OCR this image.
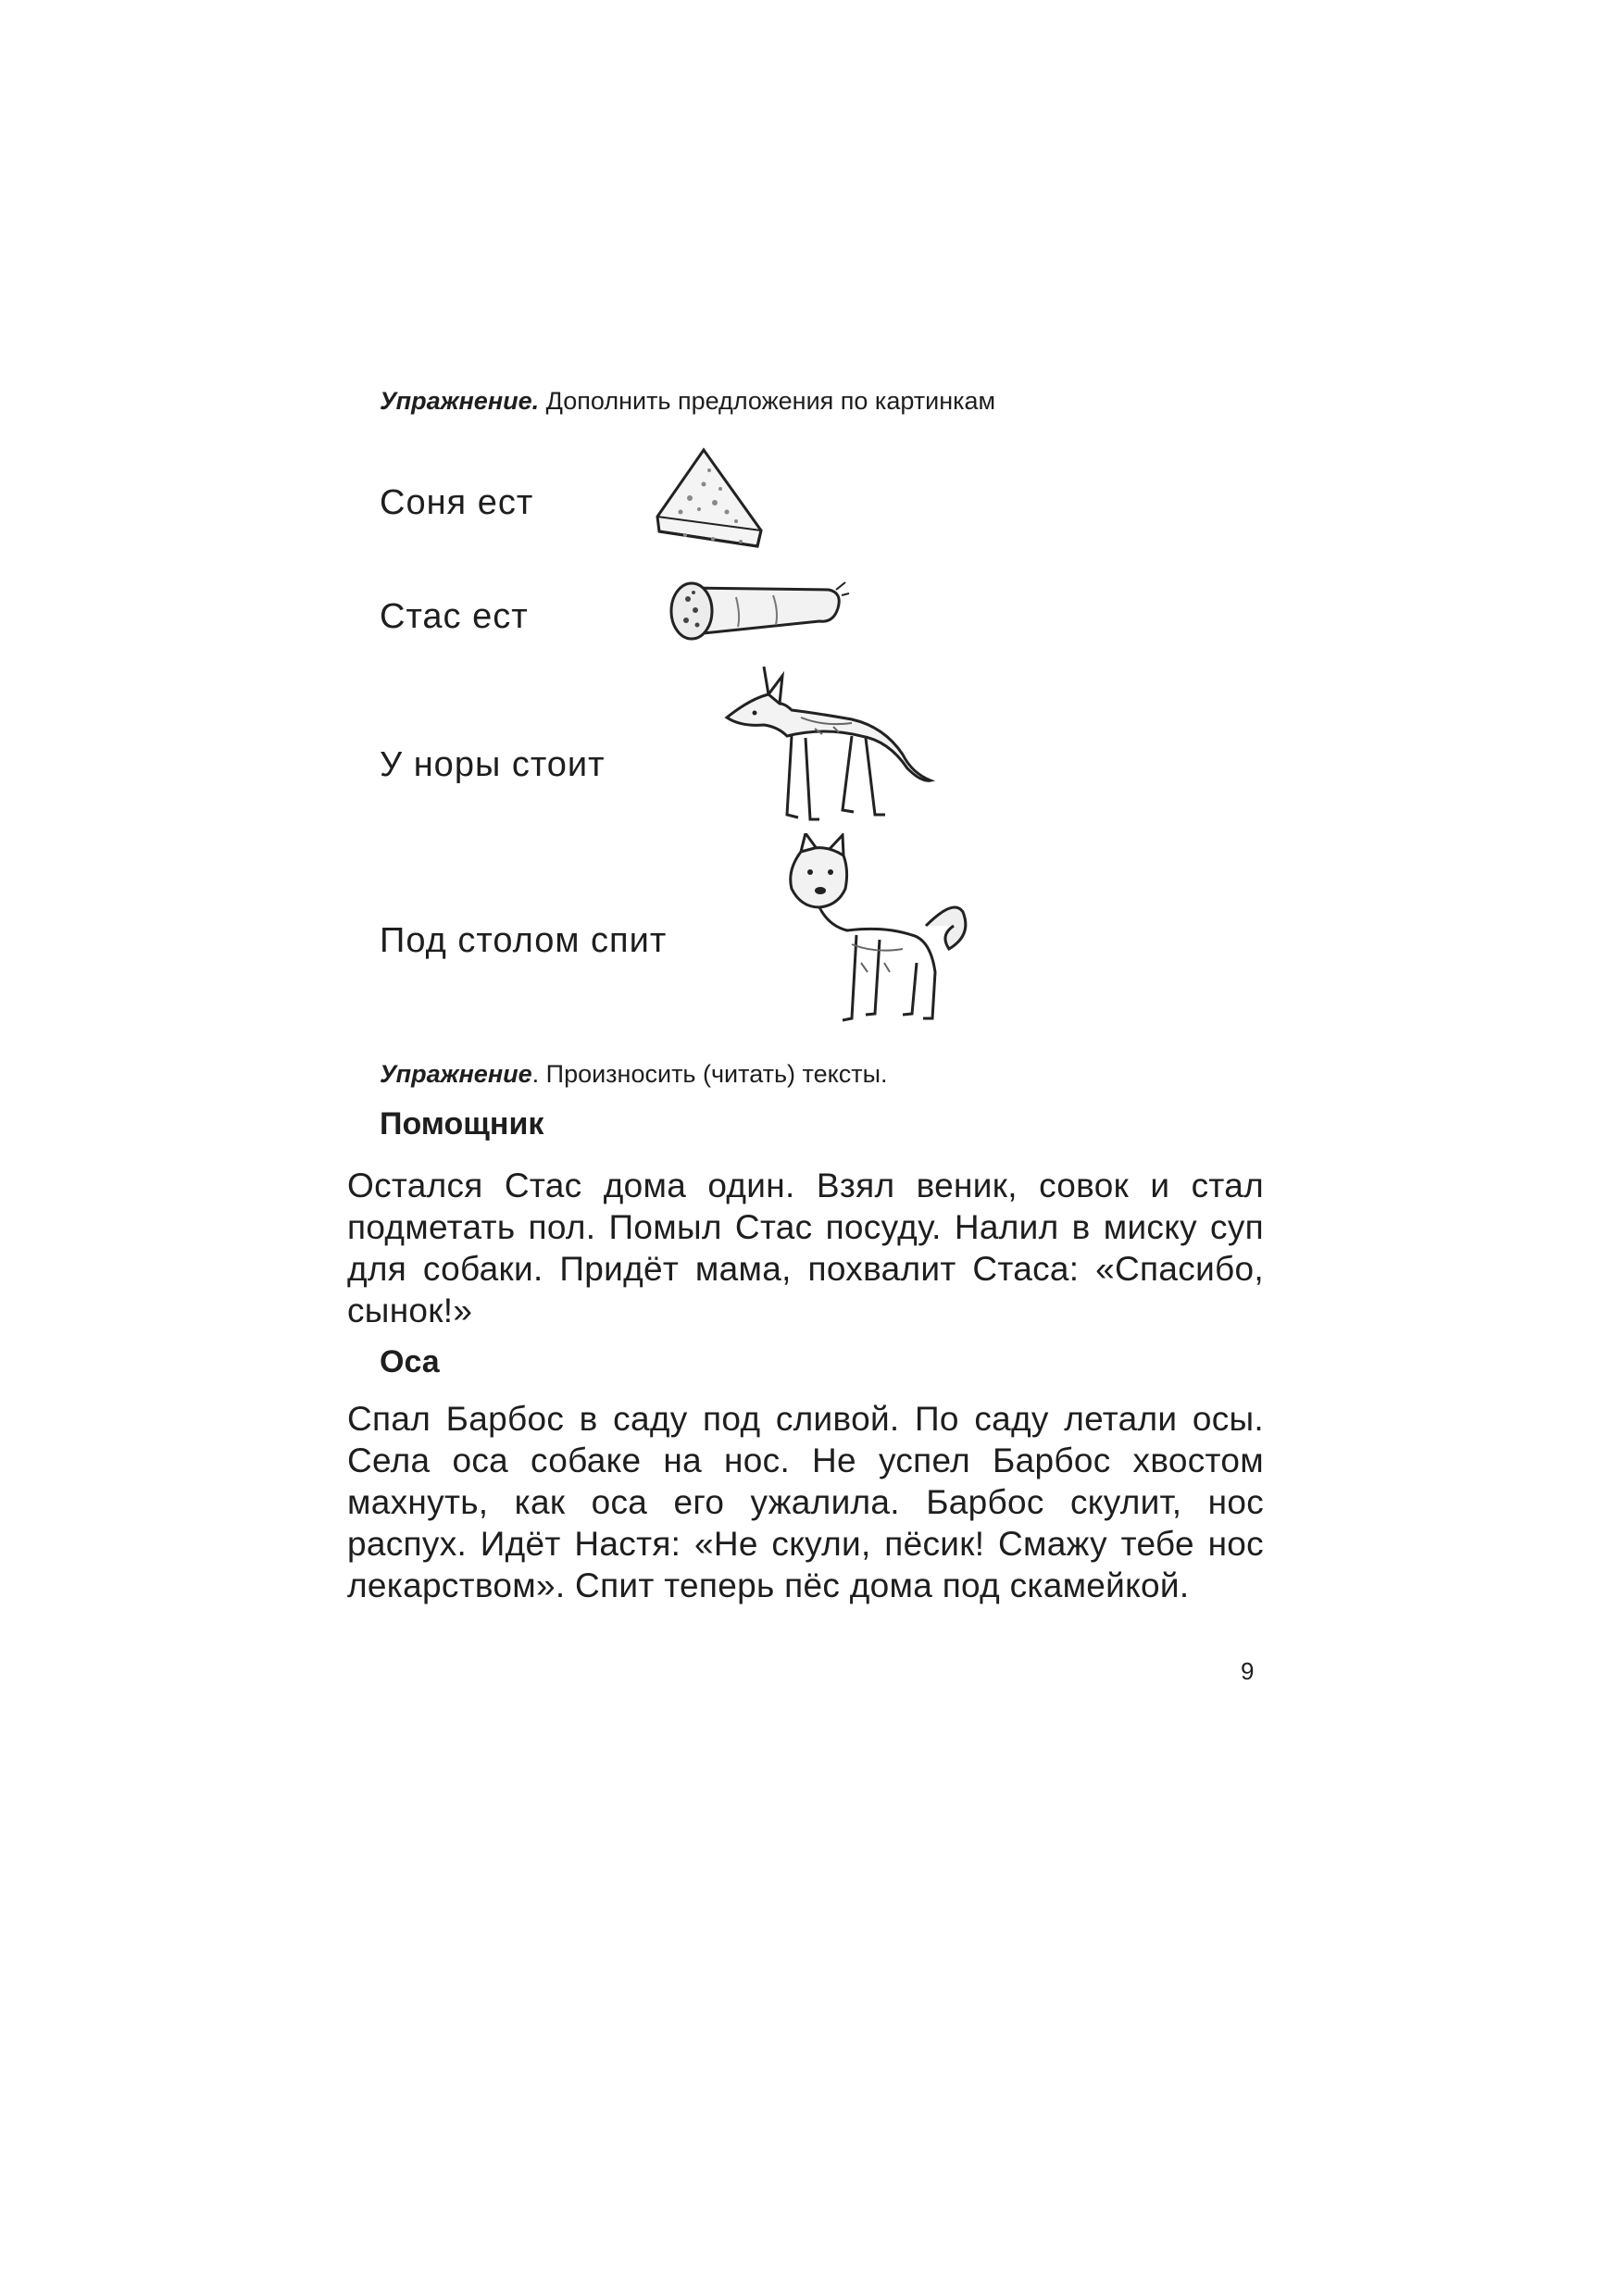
Упражнение. Дополнить предложения по картинкам
Соня ест
Стас ест
У норы стоит
Под столом спит
Упражнение. Произносить (читать) тексты.
Помощник
Остался Стас дома один. Взял веник, совок и стал подметать пол. Помыл Стас посуду. Налил в миску суп для собаки. Придёт мама, похвалит Стаса: «Спасибо, сынок!»
Оса
Спал Барбос в саду под сливой. По саду летали осы. Села оса собаке на нос. Не успел Барбос хвостом махнуть, как оса его ужалила. Барбос скулит, нос распух. Идёт Настя: «Не скули, пёсик! Смажу тебе нос лекарством». Спит теперь пёс дома под скамейкой.
9
